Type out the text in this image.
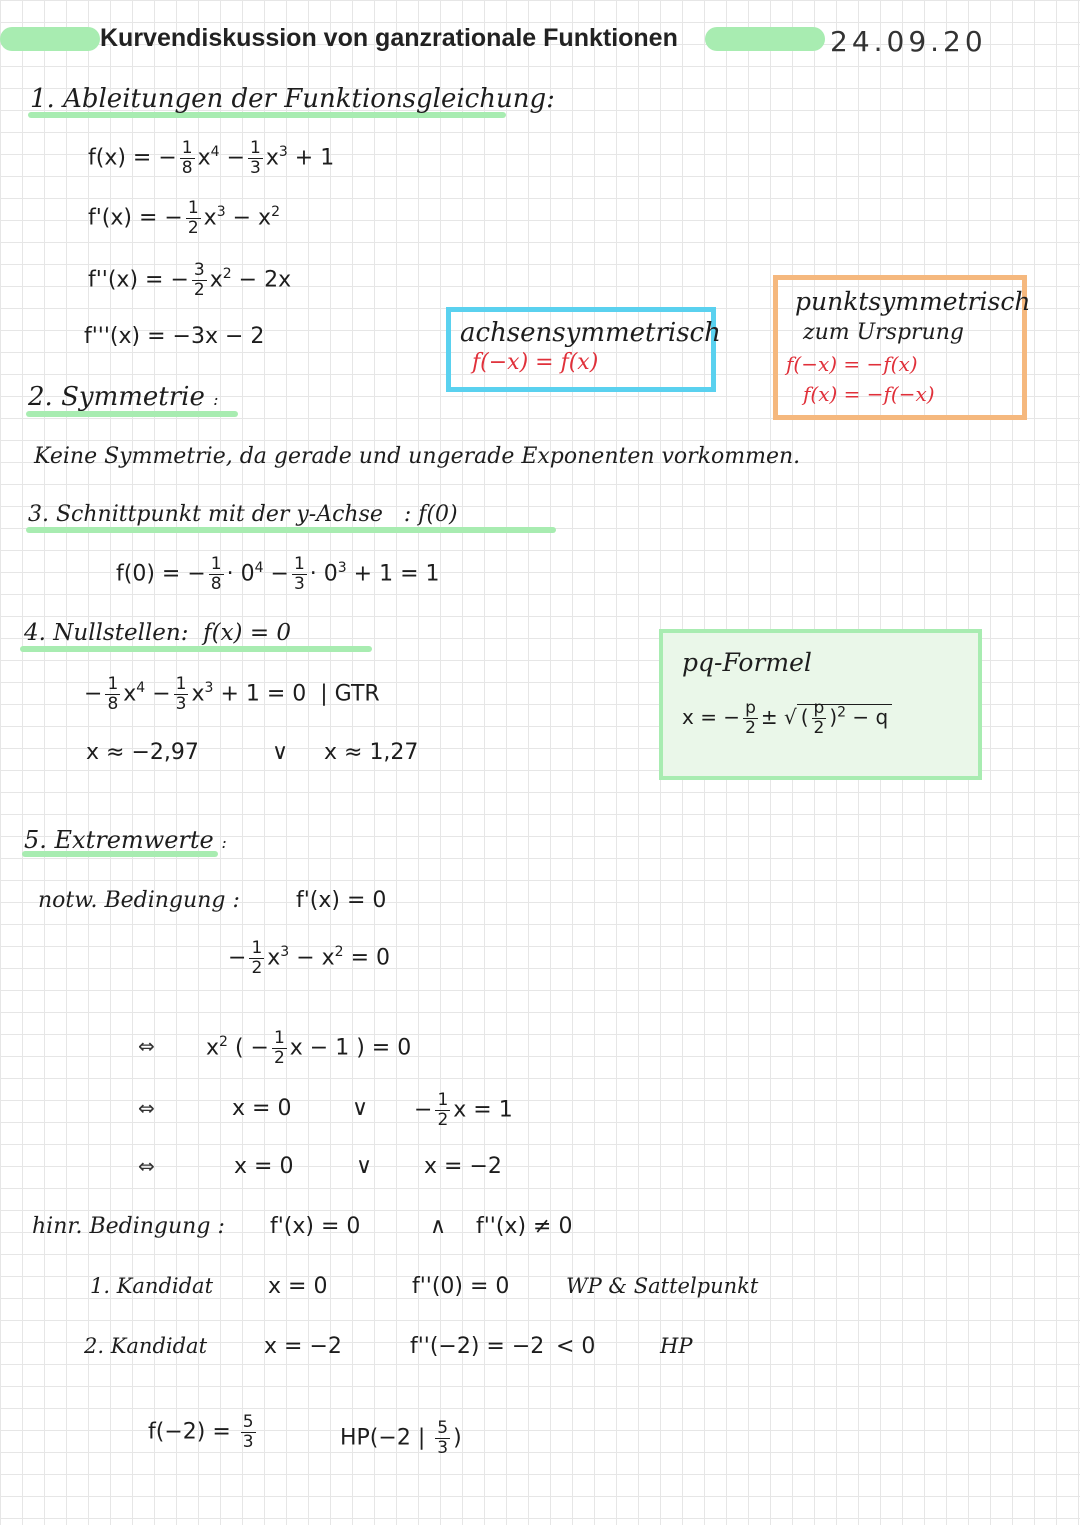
Kurvendiskussion von ganzrationale Funktionen	24.09.20
1. Ableitungen der Funktionsgleichung:
f(x) = − $\frac{1}{8} x^4 - \frac{1}{3} x^3 + 1$
f'(x) = − $\frac{1}{2} x^3 - x^2$
f''(x) = − $\frac{3}{2} x^2 - 2x$
f'''(x) = −3x − 2	achsensymmetrisch
f(−x) = f(x)
punktsymmetrisch
zum Ursprung
f(−x) = −f(x)
f(x) = −f(−x)
2. Symmetrie :
Keine Symmetrie, da gerade und ungerade Exponenten vorkommen.
3. Schnittpunkt mit der y-Achse : f(0)
f(0) = − $\frac{1}{8} \cdot 0^4 - \frac{1}{3} \cdot 0^3 + 1 = 1$
4. Nullstellen: f(x) = 0
− $\frac{1}{8} x^4 - \frac{1}{3} x^3 + 1 = 0$ | GTR
x ≈ −2,97	∨ x ≈ 1,27
pq-Formel
x = − $\frac{p}{2}$ ± √ ( $\frac{p}{2} )^2 - q$
5. Extremwerte :
notw. Bedingung :	f'(x) = 0
− $\frac{1}{2} x^3 - x^2 = 0$
⇔ $x^2$ ( − $\frac{1}{2}$ x − 1 ) = 0
⇔	x = 0	∨ − $\frac{1}{2}$ x = 1
⇔	x = 0	∨ x = −2
hinr. Bedingung : f'(x) = 0	∧ f''(x) ≠ 0
1. Kandidat x = 0	f''(0) = 0	WP & Sattelpunkt
2. Kandidat	x = −2	f''(−2) = −2 < 0	HP
$f(-2) = \frac{5}{3}$	HP(−2 | $\frac{5}{3}$ )
